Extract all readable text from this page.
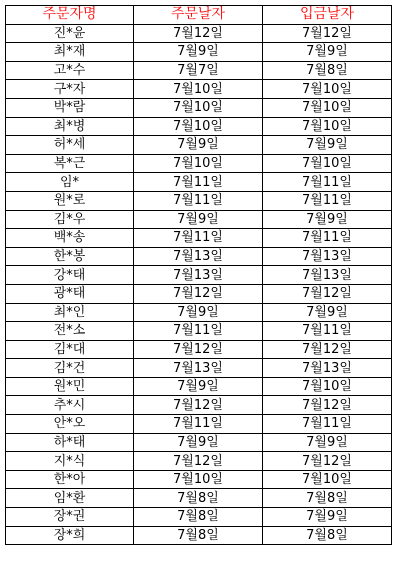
주문자명	주문날자	입금날자
진*윤	7월12일	7월12일
최*재	7월9일	7월9일
고*수	7월7일	7월8일
구*자	7월10일	7월10일
박*람	7월10일	7월10일
최*병	7월10일	7월10일
허*세	7월9일	7월9일
복*근	7월10일	7월10일
임*	7월11일	7월11일
원*로	7월11일	7월11일
김*우	7월9일	7월9일
백*송	7월11일	7월11일
한*봉	7월13일	7월13일
강*태	7월13일	7월13일
광*태	7월12일	7월12일
최*인	7월9일	7월9일
전*소	7월11일	7월11일
김*대	7월12일	7월12일
김*건	7월13일	7월13일
원*민	7월9일	7월10일
추*시	7월12일	7월12일
안*오	7월11일	7월11일
하*태	7월9일	7월9일
지*식	7월12일	7월12일
한*아	7월10일	7월10일
임*환	7월8일	7월8일
장*권	7월8일	7월9일
장*희	7월8일	7월8일
